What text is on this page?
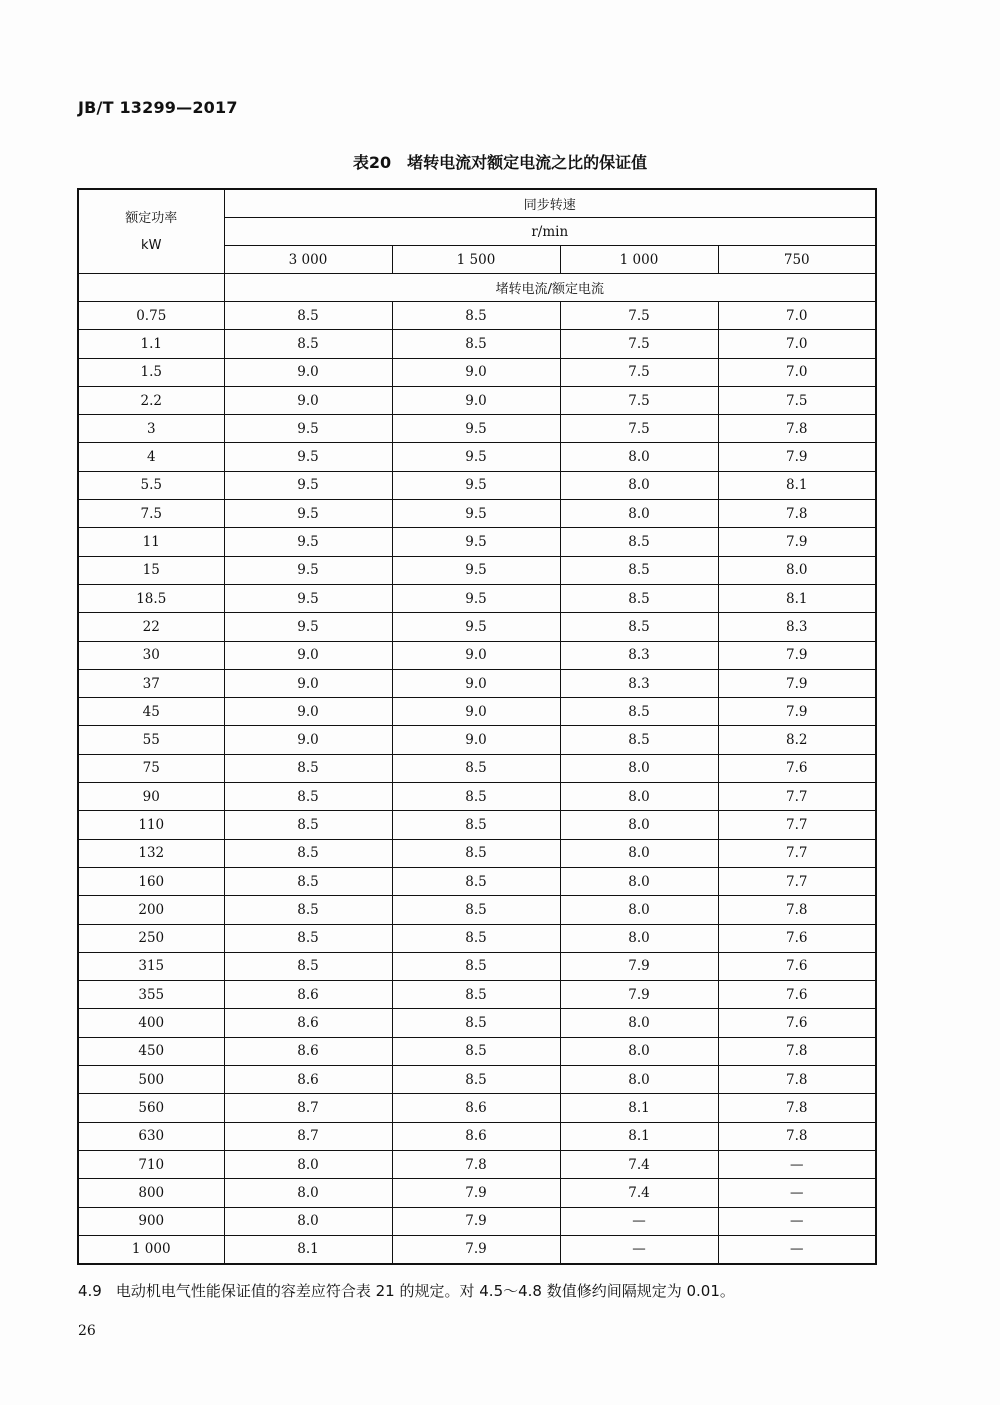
JB/T 13299—2017
表20　堵转电流对额定电流之比的保证值
额定功率
kW	同步转速			
	r/min			
	3 000	1 500	1 000	750
	堵转电流/额定电流			
0.75	8.5	8.5	7.5	7.0
1.1	8.5	8.5	7.5	7.0
1.5	9.0	9.0	7.5	7.0
2.2	9.0	9.0	7.5	7.5
3	9.5	9.5	7.5	7.8
4	9.5	9.5	8.0	7.9
5.5	9.5	9.5	8.0	8.1
7.5	9.5	9.5	8.0	7.8
11	9.5	9.5	8.5	7.9
15	9.5	9.5	8.5	8.0
18.5	9.5	9.5	8.5	8.1
22	9.5	9.5	8.5	8.3
30	9.0	9.0	8.3	7.9
37	9.0	9.0	8.3	7.9
45	9.0	9.0	8.5	7.9
55	9.0	9.0	8.5	8.2
75	8.5	8.5	8.0	7.6
90	8.5	8.5	8.0	7.7
110	8.5	8.5	8.0	7.7
132	8.5	8.5	8.0	7.7
160	8.5	8.5	8.0	7.7
200	8.5	8.5	8.0	7.8
250	8.5	8.5	8.0	7.6
315	8.5	8.5	7.9	7.6
355	8.6	8.5	7.9	7.6
400	8.6	8.5	8.0	7.6
450	8.6	8.5	8.0	7.8
500	8.6	8.5	8.0	7.8
560	8.7	8.6	8.1	7.8
630	8.7	8.6	8.1	7.8
710	8.0	7.8	7.4	—
800	8.0	7.9	7.4	—
900	8.0	7.9	—	—
1 000	8.1	7.9	—	—
4.9 电动机电气性能保证值的容差应符合表 21 的规定。对 4.5～4.8 数值修约间隔规定为 0.01。
26
